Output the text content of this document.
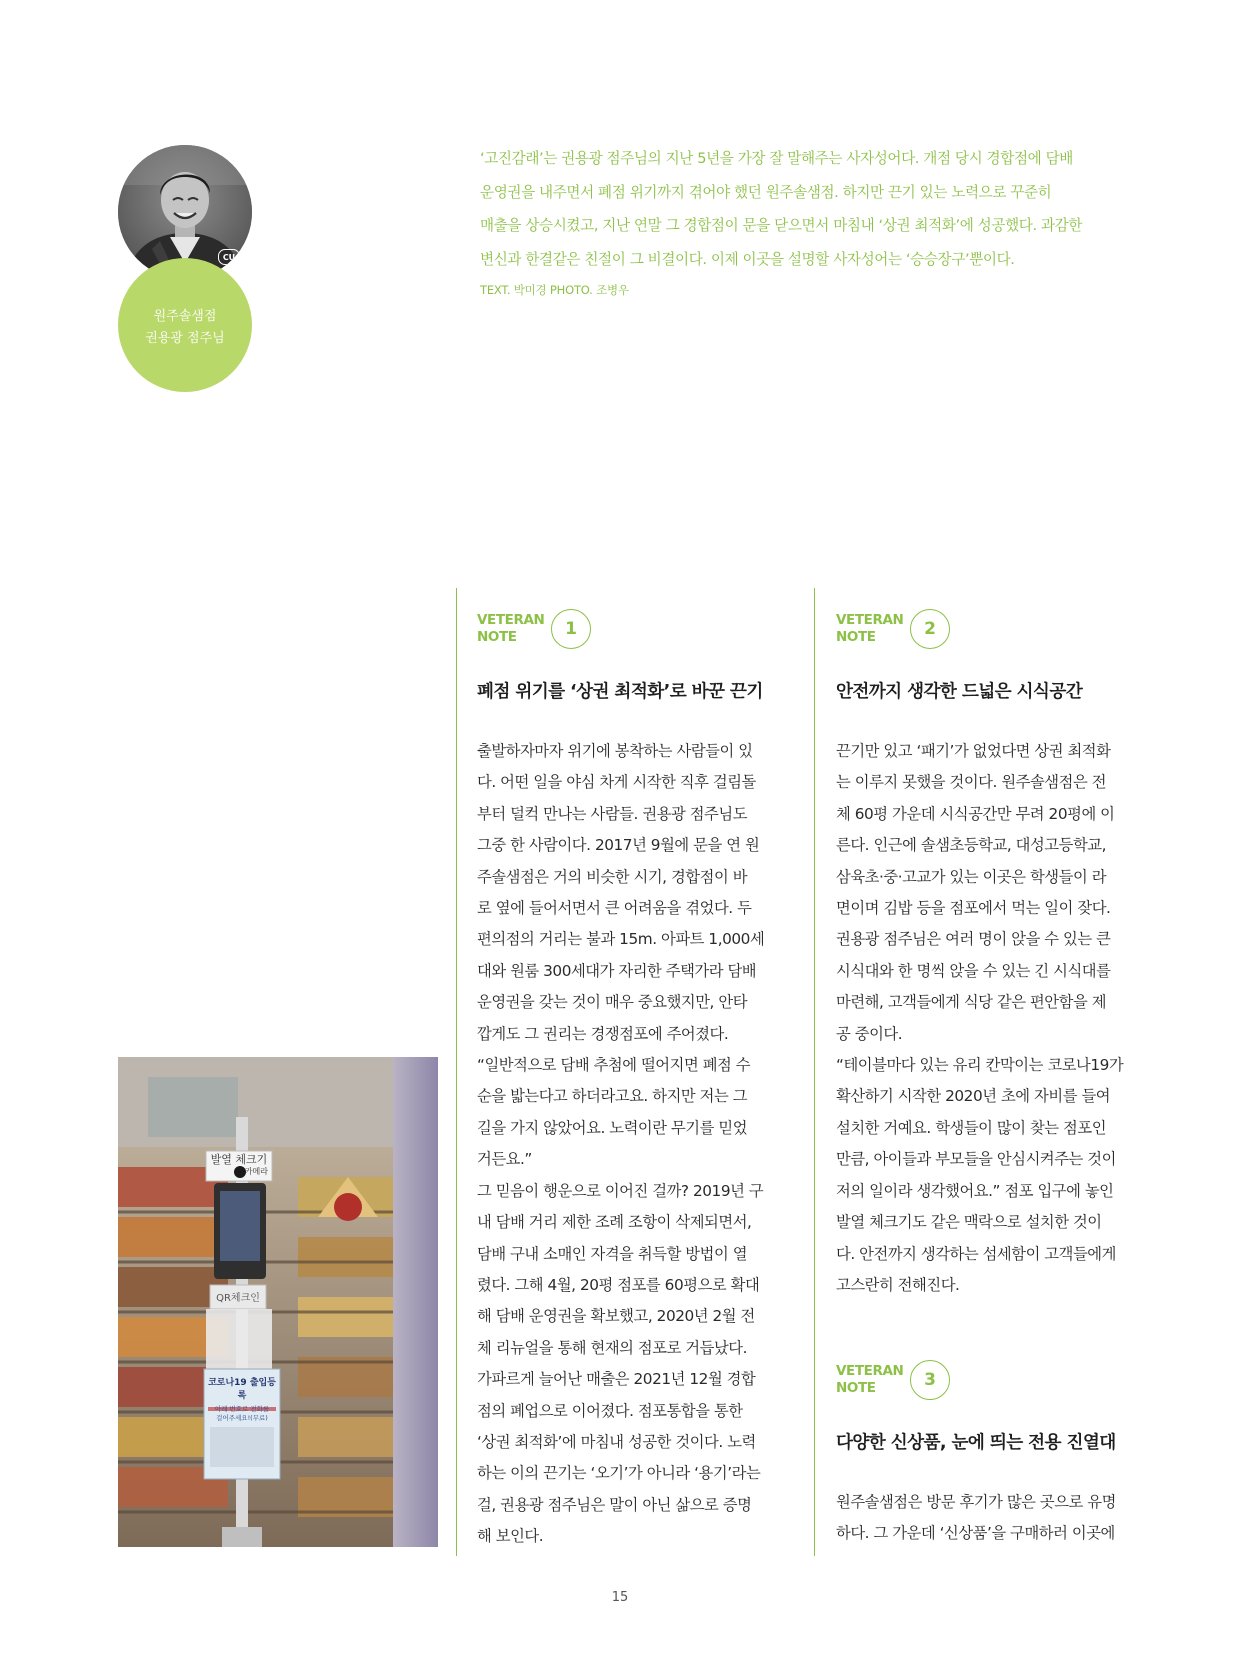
CU
원주솔샘점
권용광 점주님
‘고진감래’는 권용광 점주님의 지난 5년을 가장 잘 말해주는 사자성어다. 개점 당시 경합점에 담배
운영권을 내주면서 폐점 위기까지 겪어야 했던 원주솔샘점. 하지만 끈기 있는 노력으로 꾸준히
매출을 상승시켰고, 지난 연말 그 경합점이 문을 닫으면서 마침내 ‘상권 최적화’에 성공했다. 과감한
변신과 한결같은 친절이 그 비결이다. 이제 이곳을 설명할 사자성어는 ‘승승장구’뿐이다.
TEXT. 박미경 PHOTO. 조병우
VETERAN
NOTE	1
폐점 위기를 ‘상권 최적화’로 바꾼 끈기
출발하자마자 위기에 봉착하는 사람들이 있
다. 어떤 일을 야심 차게 시작한 직후 걸림돌
부터 덜컥 만나는 사람들. 권용광 점주님도
그중 한 사람이다. 2017년 9월에 문을 연 원
주솔샘점은 거의 비슷한 시기, 경합점이 바
로 옆에 들어서면서 큰 어려움을 겪었다. 두
편의점의 거리는 불과 15m. 아파트 1,000세
대와 원룸 300세대가 자리한 주택가라 담배
운영권을 갖는 것이 매우 중요했지만, 안타
깝게도 그 권리는 경쟁점포에 주어졌다.
“일반적으로 담배 추첨에 떨어지면 폐점 수
순을 밟는다고 하더라고요. 하지만 저는 그
길을 가지 않았어요. 노력이란 무기를 믿었
거든요.”
그 믿음이 행운으로 이어진 걸까? 2019년 구
내 담배 거리 제한 조례 조항이 삭제되면서,
담배 구내 소매인 자격을 취득할 방법이 열
렸다. 그해 4월, 20평 점포를 60평으로 확대
해 담배 운영권을 확보했고, 2020년 2월 전
체 리뉴얼을 통해 현재의 점포로 거듭났다.
가파르게 늘어난 매출은 2021년 12월 경합
점의 폐업으로 이어졌다. 점포통합을 통한
‘상권 최적화’에 마침내 성공한 것이다. 노력
하는 이의 끈기는 ‘오기’가 아니라 ‘용기’라는
걸, 권용광 점주님은 말이 아닌 삶으로 증명
해 보인다.
VETERAN
NOTE	2
안전까지 생각한 드넓은 시식공간
끈기만 있고 ‘패기’가 없었다면 상권 최적화
는 이루지 못했을 것이다. 원주솔샘점은 전
체 60평 가운데 시식공간만 무려 20평에 이
른다. 인근에 솔샘초등학교, 대성고등학교,
삼육초·중·고교가 있는 이곳은 학생들이 라
면이며 김밥 등을 점포에서 먹는 일이 잦다.
권용광 점주님은 여러 명이 앉을 수 있는 큰
시식대와 한 명씩 앉을 수 있는 긴 시식대를
마련해, 고객들에게 식당 같은 편안함을 제
공 중이다.
“테이블마다 있는 유리 칸막이는 코로나19가
확산하기 시작한 2020년 초에 자비를 들여
설치한 거예요. 학생들이 많이 찾는 점포인
만큼, 아이들과 부모들을 안심시켜주는 것이
저의 일이라 생각했어요.” 점포 입구에 놓인
발열 체크기도 같은 맥락으로 설치한 것이
다. 안전까지 생각하는 섬세함이 고객들에게
고스란히 전해진다.
VETERAN
NOTE	3
다양한 신상품, 눈에 띄는 전용 진열대
원주솔샘점은 방문 후기가 많은 곳으로 유명
하다. 그 가운데 ‘신상품’을 구매하러 이곳에
발열 체크기
카메라
QR체크인
코로나19 출입등록
아래 번호로 전화를
걸어주세요!(무료)
15
